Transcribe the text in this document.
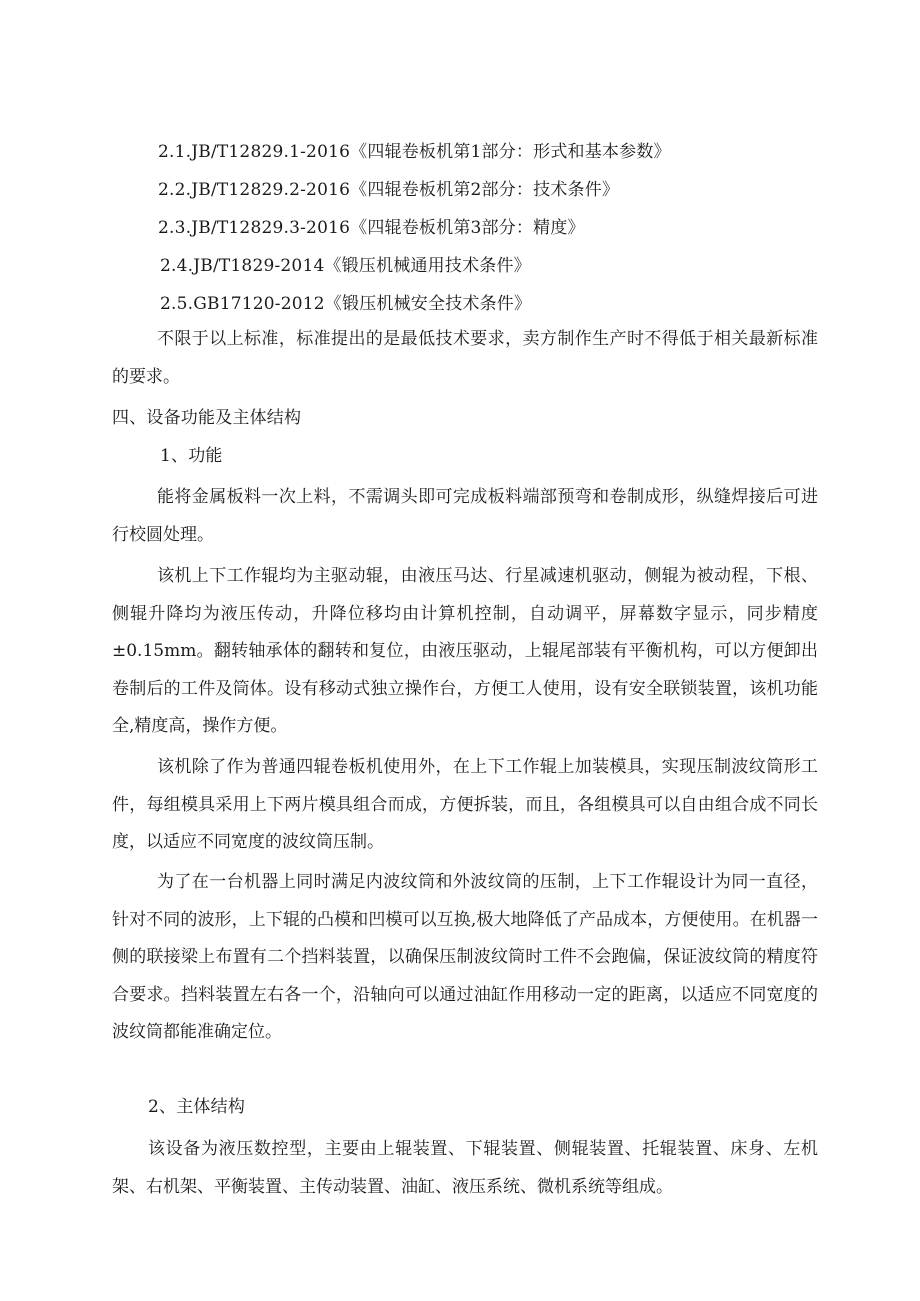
2.1.JB/T12829.1-2016《四辊卷板机第1部分：形式和基本参数》
2.2.JB/T12829.2-2016《四辊卷板机第2部分：技术条件》
2.3.JB/T12829.3-2016《四辊卷板机第3部分：精度》
2.4.JB/T1829-2014《锻压机械通用技术条件》
2.5.GB17120-2012《锻压机械安全技术条件》
不限于以上标准，标准提出的是最低技术要求，卖方制作生产时不得低于相关最新标准的要求。
四、设备功能及主体结构
1、功能
能将金属板料一次上料，不需调头即可完成板料端部预弯和卷制成形，纵缝焊接后可进行校圆处理。
该机上下工作辊均为主驱动辊，由液压马达、行星减速机驱动，侧辊为被动程，下根、侧辊升降均为液压传动，升降位移均由计算机控制，自动调平，屏幕数字显示，同步精度±0.15mm。翻转轴承体的翻转和复位，由液压驱动，上辊尾部装有平衡机构，可以方便卸出卷制后的工件及筒体。设有移动式独立操作台，方便工人使用，设有安全联锁装置，该机功能全,精度高，操作方便。
该机除了作为普通四辊卷板机使用外，在上下工作辊上加装模具，实现压制波纹筒形工件，每组模具采用上下两片模具组合而成，方便拆装，而且，各组模具可以自由组合成不同长度，以适应不同宽度的波纹筒压制。
为了在一台机器上同时满足内波纹筒和外波纹筒的压制，上下工作辊设计为同一直径，针对不同的波形，上下辊的凸模和凹模可以互换,极大地降低了产品成本，方便使用。在机器一侧的联接梁上布置有二个挡料装置，以确保压制波纹筒时工件不会跑偏，保证波纹筒的精度符合要求。挡料装置左右各一个，沿轴向可以通过油缸作用移动一定的距离，以适应不同宽度的波纹筒都能准确定位。
2、主体结构
该设备为液压数控型，主要由上辊装置、下辊装置、侧辊装置、托辊装置、床身、左机架、右机架、平衡装置、主传动装置、油缸、液压系统、微机系统等组成。
